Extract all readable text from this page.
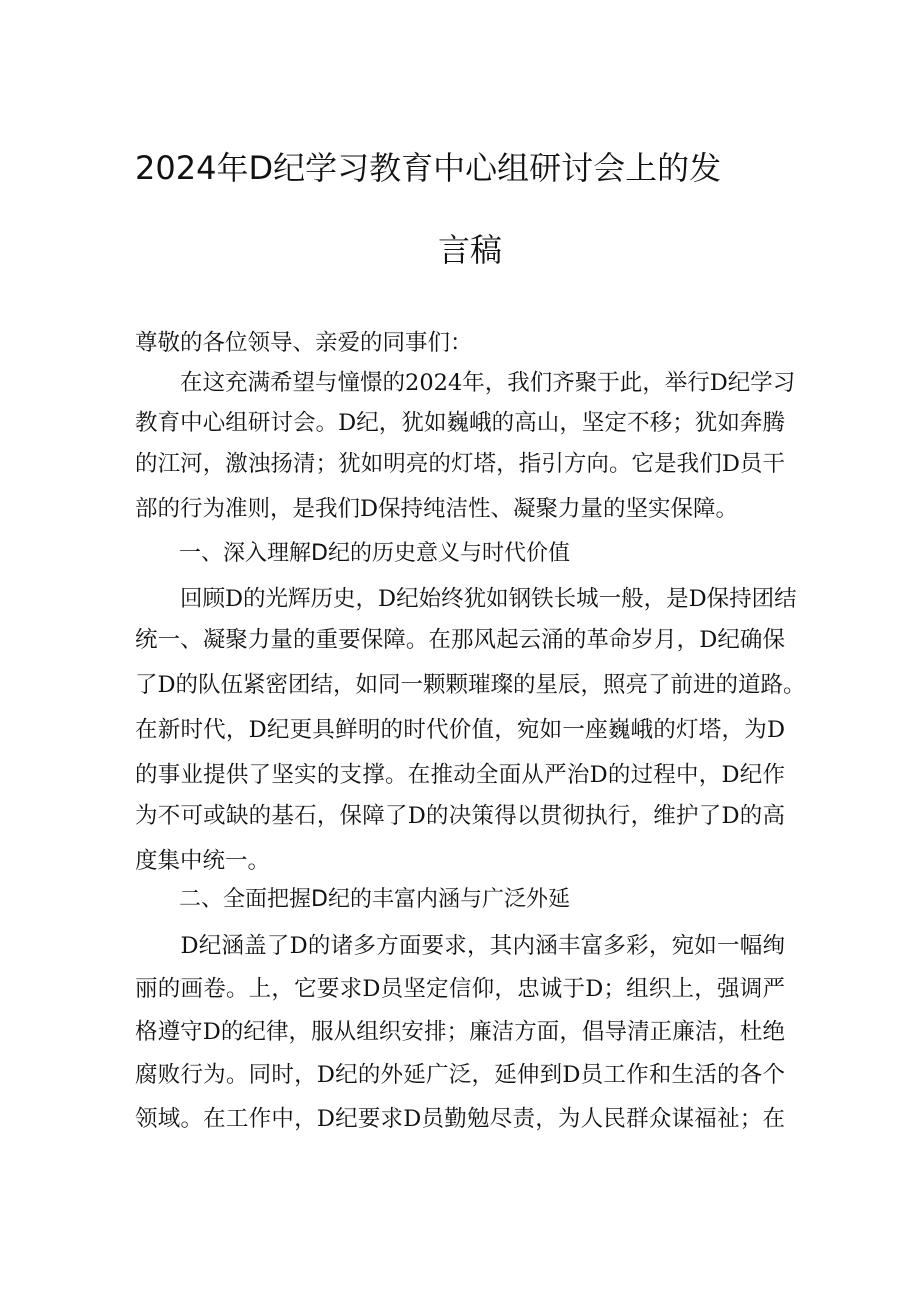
2024年D纪学习教育中心组研讨会上的发
言稿
尊敬的各位领导、亲爱的同事们：
　　在这充满希望与憧憬的2024年，我们齐聚于此，举行D纪学习
教育中心组研讨会。D纪，犹如巍峨的高山，坚定不移；犹如奔腾
的江河，激浊扬清；犹如明亮的灯塔，指引方向。它是我们D员干
部的行为准则，是我们D保持纯洁性、凝聚力量的坚实保障。
　　一、深入理解D纪的历史意义与时代价值
　　回顾D的光辉历史，D纪始终犹如钢铁长城一般，是D保持团结
统一、凝聚力量的重要保障。在那风起云涌的革命岁月，D纪确保
了D的队伍紧密团结，如同一颗颗璀璨的星辰，照亮了前进的道路。
在新时代，D纪更具鲜明的时代价值，宛如一座巍峨的灯塔，为D
的事业提供了坚实的支撑。在推动全面从严治D的过程中，D纪作
为不可或缺的基石，保障了D的决策得以贯彻执行，维护了D的高
度集中统一。
　　二、全面把握D纪的丰富内涵与广泛外延
　　D纪涵盖了D的诸多方面要求，其内涵丰富多彩，宛如一幅绚
丽的画卷。上，它要求D员坚定信仰，忠诚于D；组织上，强调严
格遵守D的纪律，服从组织安排；廉洁方面，倡导清正廉洁，杜绝
腐败行为。同时，D纪的外延广泛，延伸到D员工作和生活的各个
领域。在工作中，D纪要求D员勤勉尽责，为人民群众谋福祉；在
